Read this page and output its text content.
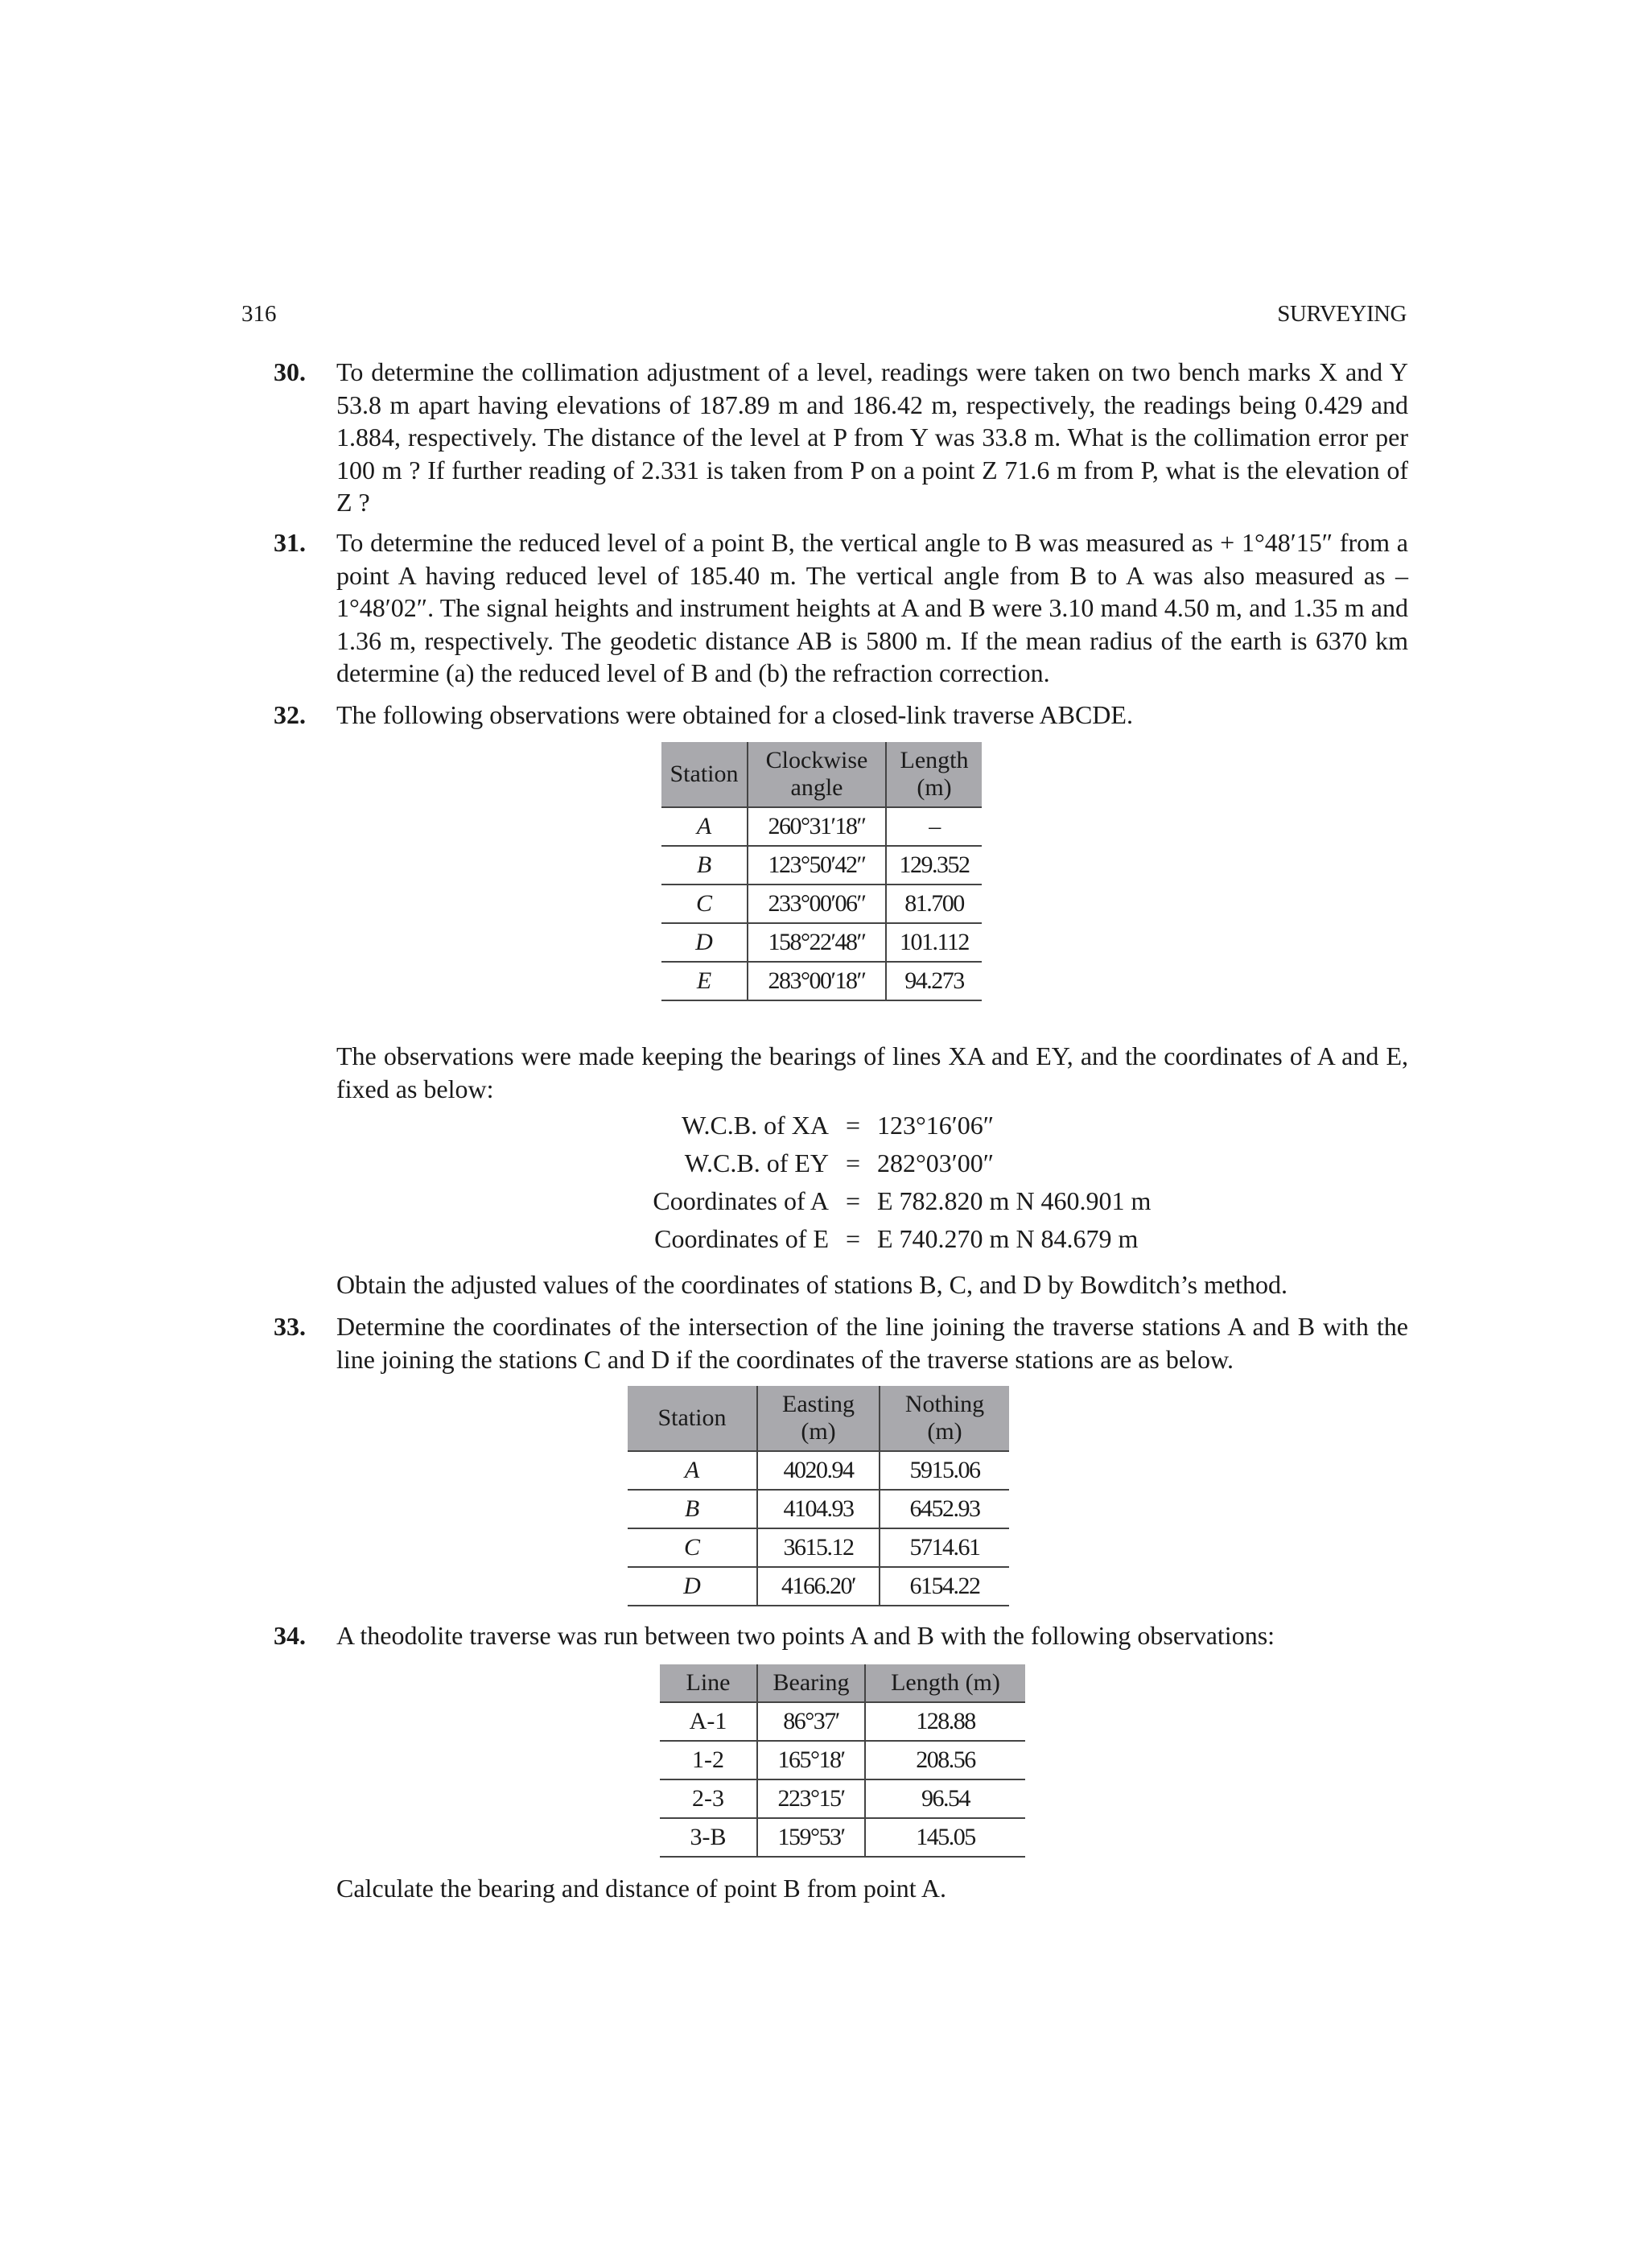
316	SURVEYING
30. To determine the collimation adjustment of a level, readings were taken on two bench marks X and Y 53.8 m apart having elevations of 187.89 m and 186.42 m, respectively, the readings being 0.429 and 1.884, respectively. The distance of the level at P from Y was 33.8 m. What is the collimation error per 100 m ? If further reading of 2.331 is taken from P on a point Z 71.6 m from P, what is the elevation of Z ?
31. To determine the reduced level of a point B, the vertical angle to B was measured as + 1°48′15″ from a point A having reduced level of 185.40 m. The vertical angle from B to A was also measured as – 1°48′02″. The signal heights and instrument heights at A and B were 3.10 mand 4.50 m, and 1.35 m and 1.36 m, respectively. The geodetic distance AB is 5800 m. If the mean radius of the earth is 6370 km determine (a) the reduced level of B and (b) the refraction correction.
32. The following observations were obtained for a closed-link traverse ABCDE.
Station	Clockwise angle	Length (m)
A	260°31′18″	–
B	123°50′42″	129.352
C	233°00′06″	81.700
D	158°22′48″	101.112
E	283°00′18″	94.273
The observations were made keeping the bearings of lines XA and EY, and the coordinates of A and E, fixed as below:
W.C.B. of XA = 123°16′06″
W.C.B. of EY = 282°03′00″
Coordinates of A = E 782.820 m N 460.901 m
Coordinates of E = E 740.270 m N 84.679 m
Obtain the adjusted values of the coordinates of stations B, C, and D by Bowditch’s method.
33. Determine the coordinates of the intersection of the line joining the traverse stations A and B with the line joining the stations C and D if the coordinates of the traverse stations are as below.
Station	Easting (m)	Nothing (m)
A	4020.94	5915.06
B	4104.93	6452.93
C	3615.12	5714.61
D	4166.20′	6154.22
34. A theodolite traverse was run between two points A and B with the following observations:
Line	Bearing	Length (m)
A-1	86°37′	128.88
1-2	165°18′	208.56
2-3	223°15′	96.54
3-B	159°53′	145.05
Calculate the bearing and distance of point B from point A.
